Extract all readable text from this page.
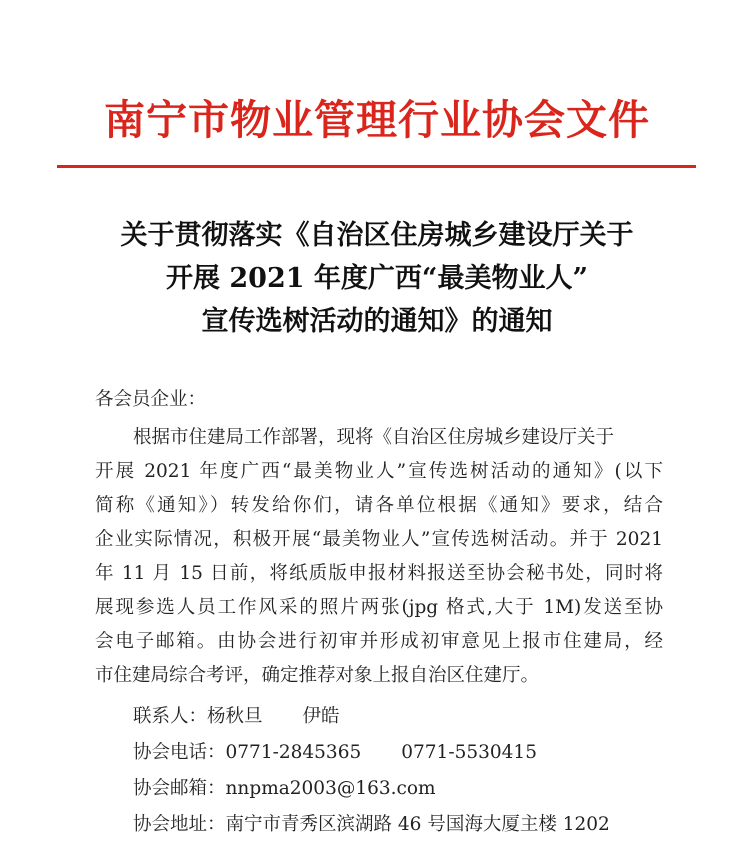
南宁市物业管理行业协会文件
关于贯彻落实《自治区住房城乡建设厅关于
开展 2021 年度广西“最美物业人”
宣传选树活动的通知》的通知
各会员企业：
根据市住建局工作部署，现将《自治区住房城乡建设厅关于
开展 2021 年度广西“最美物业人”宣传选树活动的通知》(以下
简称《通知》）转发给你们，请各单位根据《通知》要求，结合
企业实际情况，积极开展“最美物业人”宣传选树活动。并于 2021
年 11 月 15 日前，将纸质版申报材料报送至协会秘书处，同时将
展现参选人员工作风采的照片两张(jpg 格式,大于 1M)发送至协
会电子邮箱。由协会进行初审并形成初审意见上报市住建局，经
市住建局综合考评，确定推荐对象上报自治区住建厅。
联系人：杨秋旦 伊皓
协会电话：0771-2845365 0771-5530415
协会邮箱：nnpma2003@163.com
协会地址：南宁市青秀区滨湖路 46 号国海大厦主楼 1202
